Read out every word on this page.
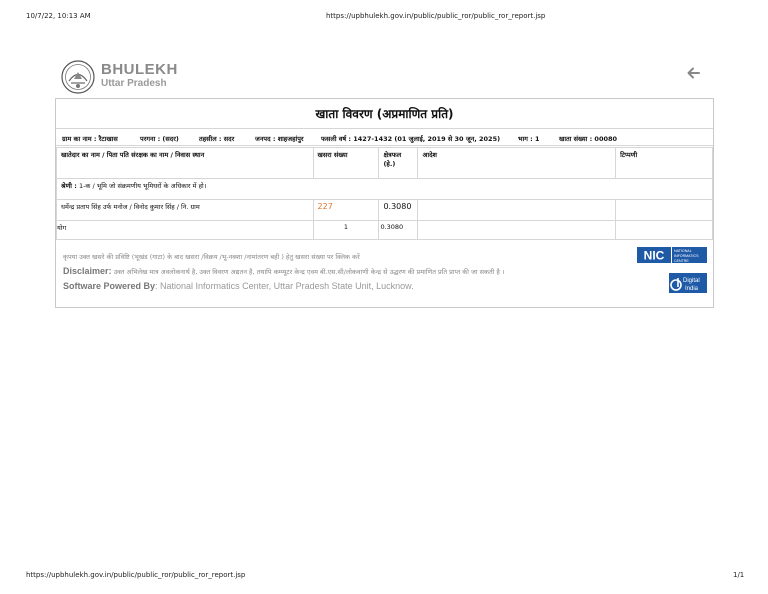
10/7/22, 10:13 AM	https://upbhulekh.gov.in/public/public_ror/public_ror_report.jsp
BHULEKH
Uttar Pradesh
खाता विवरण (अप्रमाणित प्रति)
ग्राम का नाम : रैटाखास	परगना : (सदर)	तहसील : सदर	जनपद : शाहजहांपुर	फसली वर्ष : 1427-1432 (01 जुलाई, 2019 से 30 जून, 2025)	भाग : 1	खाता संख्या : 00080
खातेदार का नाम / पिता पति संरक्षक का नाम / निवास स्थान	खसरा संख्या	क्षेत्रफल (हे.)	आदेश	टिप्पणी
श्रेणी : 1-क / भूमि जो संक्रमणीय भूमिधरों के अधिकार में हो।				
धर्मेन्द्र प्रताप सिंह उर्फ मनोज / विनोद कुमार सिंह / नि. ग्राम	227	0.3080		
योग	1	0.3080		
कृपया उक्त खसरे की प्रविष्टि (भूखंड (गाटा) के बाद खसरा /विक्रय /भू-नक्शा /नामांतरण बही ) हेतु खसरा संख्या पर क्लिक करें
Disclaimer: उक्त अभिलेख मात्र अवलोकनार्थ है, उक्त विवरण अद्यतन है, तथापि कम्प्यूटर केन्द्र एवम बी.एस.सी/लोकवाणी केन्द्र से उद्धरण की प्रमाणित प्रति प्राप्त की जा सकती है ।
Software Powered By: National Informatics Center, Uttar Pradesh State Unit, Lucknow.
NIC	NATIONAL
INFORMATICS
CENTRE
Digital
India
https://upbhulekh.gov.in/public/public_ror/public_ror_report.jsp	1/1
